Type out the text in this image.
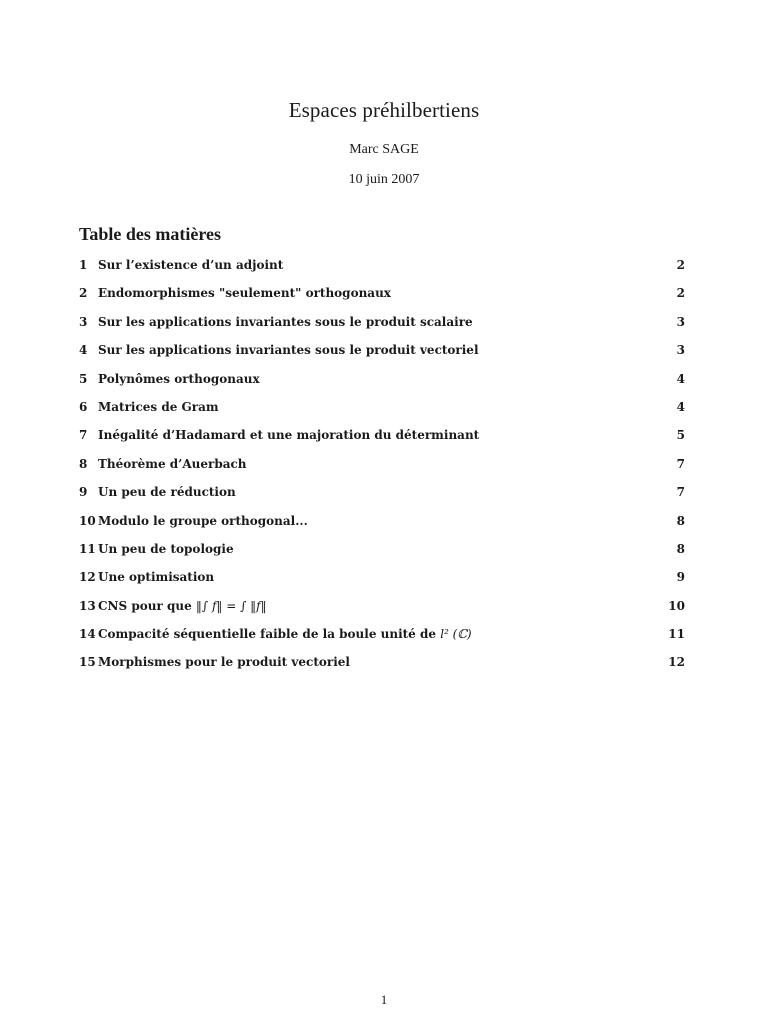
Espaces préhilbertiens
Marc SAGE
10 juin 2007
Table des matières
1 Sur l’existence d’un adjoint	2
2 Endomorphismes "seulement" orthogonaux	2
3 Sur les applications invariantes sous le produit scalaire	3
4 Sur les applications invariantes sous le produit vectoriel	3
5 Polynômes orthogonaux	4
6 Matrices de Gram	4
7 Inégalité d’Hadamard et une majoration du déterminant	5
8 Théorème d’Auerbach	7
9 Un peu de réduction	7
10 Modulo le groupe orthogonal...	8
11 Un peu de topologie	8
12 Une optimisation	9
13 CNS pour que ‖∫ f‖ = ∫ ‖f‖	10
14 Compacité séquentielle faible de la boule unité de l² (ℂ)	11
15 Morphismes pour le produit vectoriel	12
1
